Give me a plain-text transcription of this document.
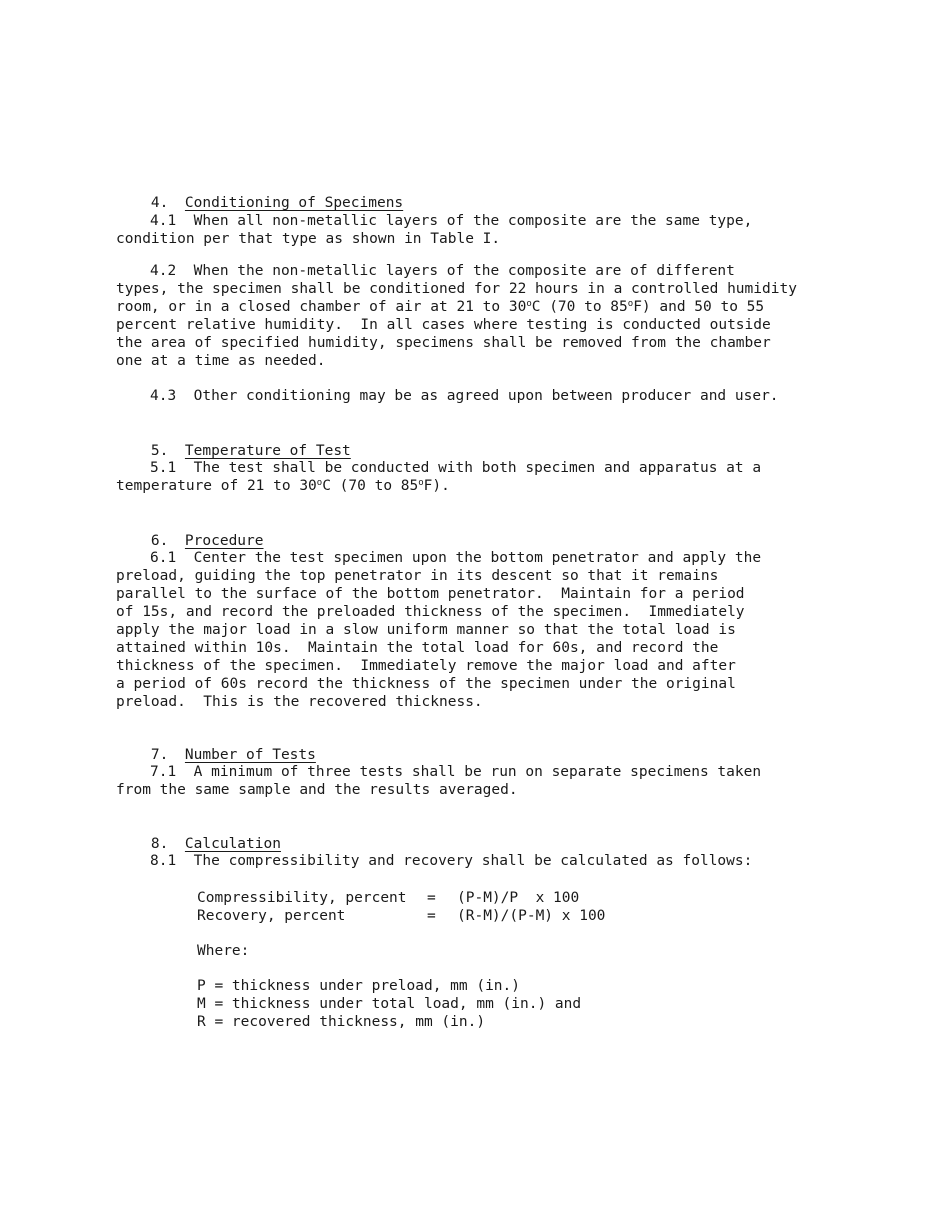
4. Conditioning of Specimens

4.1  When all non-metallic layers of the composite are the same type,
condition per that type as shown in Table I.
4.2  When the non-metallic layers of the composite are of different
types, the specimen shall be conditioned for 22 hours in a controlled humidity
room, or in a closed chamber of air at 21 to 30$^o$C (70 to 85$^o$F) and 50 to 55
percent relative humidity.  In all cases where testing is conducted outside
the area of specified humidity, specimens shall be removed from the chamber
one at a time as needed.
4.3  Other conditioning may be as agreed upon between producer and user.

5. Temperature of Test

5.1  The test shall be conducted with both specimen and apparatus at a
temperature of 21 to 30$^o$C (70 to 85$^o$F).

6. Procedure

6.1  Center the test specimen upon the bottom penetrator and apply the
preload, guiding the top penetrator in its descent so that it remains
parallel to the surface of the bottom penetrator.  Maintain for a period
of 15s, and record the preloaded thickness of the specimen.  Immediately
apply the major load in a slow uniform manner so that the total load is
attained within 10s.  Maintain the total load for 60s, and record the
thickness of the specimen.  Immediately remove the major load and after
a period of 60s record the thickness of the specimen under the original
preload.  This is the recovered thickness.

7. Number of Tests

7.1  A minimum of three tests shall be run on separate specimens taken
from the same sample and the results averaged.

8. Calculation

8.1  The compressibility and recovery shall be calculated as follows:
Compressibility, percent = (P-M)/P  x 100
Recovery, percent	= (R-M)/(P-M) x 100
Where:
P = thickness under preload, mm (in.)
M = thickness under total load, mm (in.) and
R = recovered thickness, mm (in.)
